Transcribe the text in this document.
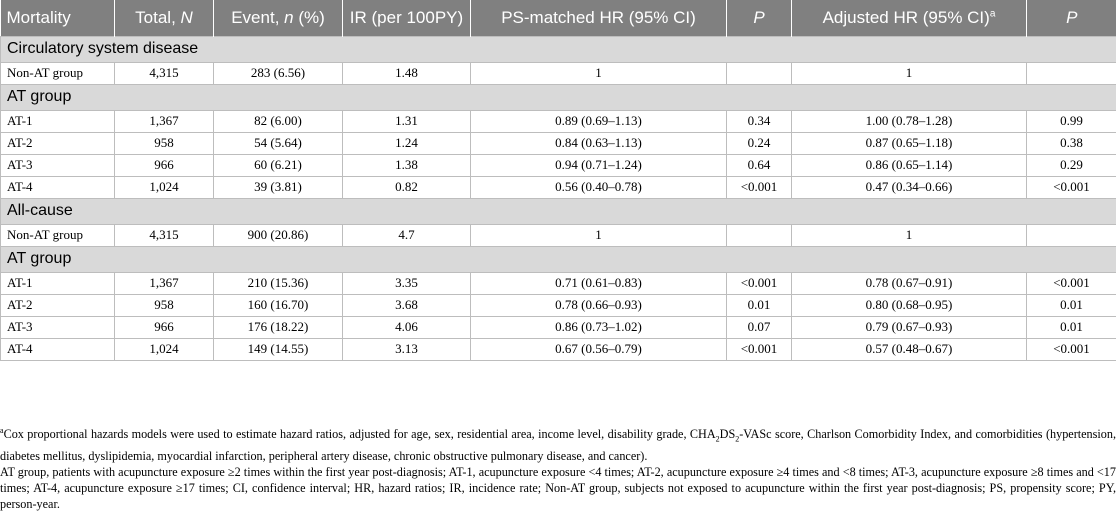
Mortality	Total, N	Event, n (%)	IR (per 100PY)	PS-matched HR (95% CI)	P	Adjusted HR (95% CI)$^a$	P
Circulatory system disease							
Non-AT group	4,315	283 (6.56)	1.48	1		1	
AT group							
AT-1	1,367	82 (6.00)	1.31	0.89 (0.69–1.13)	0.34	1.00 (0.78–1.28)	0.99
AT-2	958	54 (5.64)	1.24	0.84 (0.63–1.13)	0.24	0.87 (0.65–1.18)	0.38
AT-3	966	60 (6.21)	1.38	0.94 (0.71–1.24)	0.64	0.86 (0.65–1.14)	0.29
AT-4	1,024	39 (3.81)	0.82	0.56 (0.40–0.78)	<0.001	0.47 (0.34–0.66)	<0.001
All-cause							
Non-AT group	4,315	900 (20.86)	4.7	1		1	
AT group							
AT-1	1,367	210 (15.36)	3.35	0.71 (0.61–0.83)	<0.001	0.78 (0.67–0.91)	<0.001
AT-2	958	160 (16.70)	3.68	0.78 (0.66–0.93)	0.01	0.80 (0.68–0.95)	0.01
AT-3	966	176 (18.22)	4.06	0.86 (0.73–1.02)	0.07	0.79 (0.67–0.93)	0.01
AT-4	1,024	149 (14.55)	3.13	0.67 (0.56–0.79)	<0.001	0.57 (0.48–0.67)	<0.001

$^a$Cox proportional hazards models were used to estimate hazard ratios, adjusted for age, sex, residential area, income level, disability grade, $CHA_2DS_2$-VASc score, Charlson Comorbidity Index, and comorbidities (hypertension, diabetes mellitus, dyslipidemia, myocardial infarction, peripheral artery disease, chronic obstructive pulmonary disease, and cancer).

AT group, patients with acupuncture exposure ≥2 times within the first year post-diagnosis; AT-1, acupuncture exposure <4 times; AT-2, acupuncture exposure ≥4 times and <8 times; AT-3, acupuncture exposure ≥8 times and <17 times; AT-4, acupuncture exposure ≥17 times; CI, confidence interval; HR, hazard ratios; IR, incidence rate; Non-AT group, subjects not exposed to acupuncture within the first year post-diagnosis; PS, propensity score; PY, person-year.
